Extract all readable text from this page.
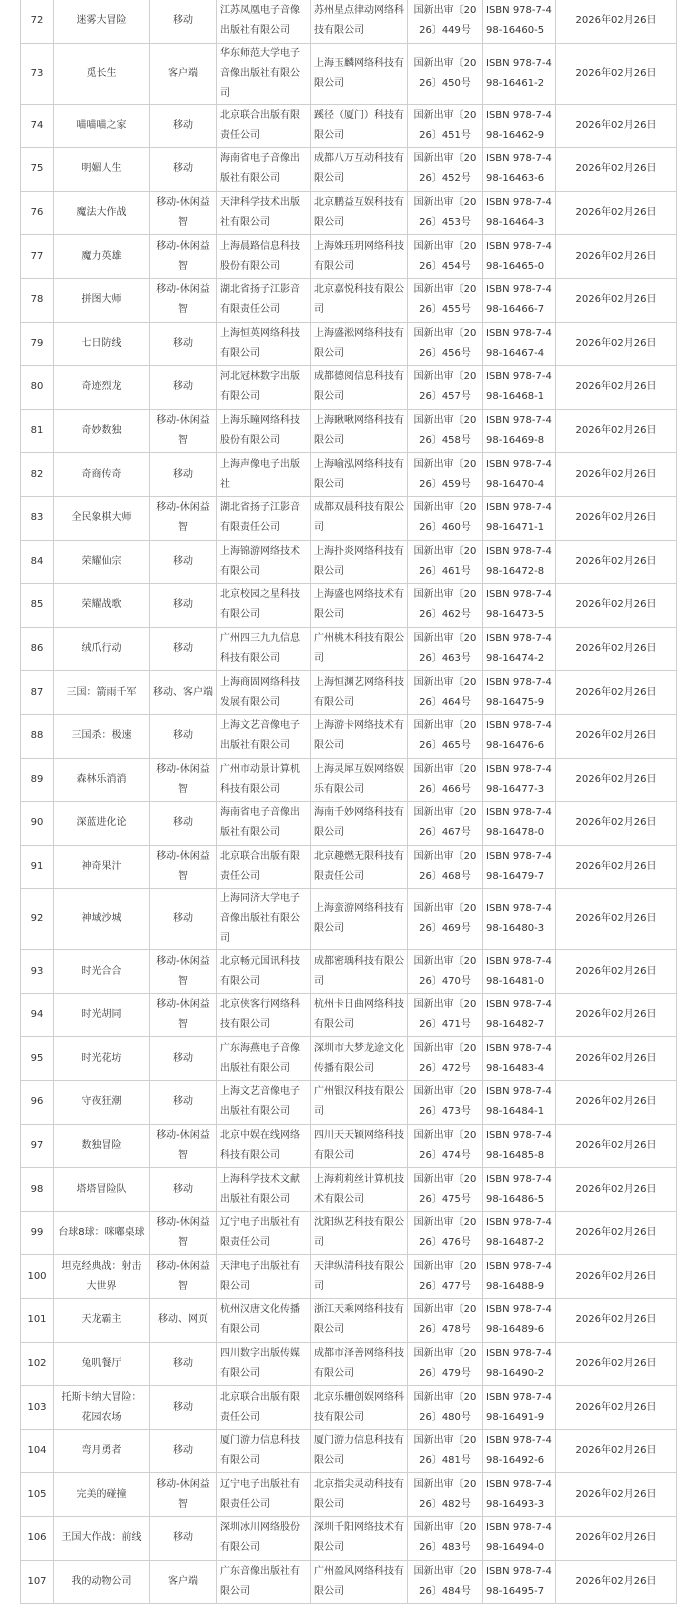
72	迷雾大冒险	移动	江苏凤凰电子音像出版社有限公司	苏州星点律动网络科技有限公司	国新出审〔2026〕449号	ISBN 978-7-498-16460-5	2026年02月26日
73	觅长生	客户端	华东师范大学电子音像出版社有限公司	上海玉麟网络科技有限公司	国新出审〔2026〕450号	ISBN 978-7-498-16461-2	2026年02月26日
74	喵喵喵之家	移动	北京联合出版有限责任公司	蹊径（厦门）科技有限公司	国新出审〔2026〕451号	ISBN 978-7-498-16462-9	2026年02月26日
75	明媚人生	移动	海南省电子音像出版社有限公司	成都八万互动科技有限公司	国新出审〔2026〕452号	ISBN 978-7-498-16463-6	2026年02月26日
76	魔法大作战	移动-休闲益智	天津科学技术出版社有限公司	北京鹏益互娱科技有限公司	国新出审〔2026〕453号	ISBN 978-7-498-16464-3	2026年02月26日
77	魔力英雄	移动-休闲益智	上海晨路信息科技股份有限公司	上海姝珏玥网络科技有限公司	国新出审〔2026〕454号	ISBN 978-7-498-16465-0	2026年02月26日
78	拼图大师	移动-休闲益智	湖北省扬子江影音有限责任公司	北京嘉悦科技有限公司	国新出审〔2026〕455号	ISBN 978-7-498-16466-7	2026年02月26日
79	七日防线	移动	上海恒英网络科技有限公司	上海盛淞网络科技有限公司	国新出审〔2026〕456号	ISBN 978-7-498-16467-4	2026年02月26日
80	奇迹烈龙	移动	河北冠林数字出版有限公司	成都德阅信息科技有限公司	国新出审〔2026〕457号	ISBN 978-7-498-16468-1	2026年02月26日
81	奇妙数独	移动-休闲益智	上海乐瞳网络科技股份有限公司	上海瞅啾网络科技有限公司	国新出审〔2026〕458号	ISBN 978-7-498-16469-8	2026年02月26日
82	奇商传奇	移动	上海声像电子出版社	上海喻泓网络科技有限公司	国新出审〔2026〕459号	ISBN 978-7-498-16470-4	2026年02月26日
83	全民象棋大师	移动-休闲益智	湖北省扬子江影音有限责任公司	成都双晨科技有限公司	国新出审〔2026〕460号	ISBN 978-7-498-16471-1	2026年02月26日
84	荣耀仙宗	移动	上海锦游网络技术有限公司	上海扑炎网络科技有限公司	国新出审〔2026〕461号	ISBN 978-7-498-16472-8	2026年02月26日
85	荣耀战歌	移动	北京校园之星科技有限公司	上海盛也网络技术有限公司	国新出审〔2026〕462号	ISBN 978-7-498-16473-5	2026年02月26日
86	绒爪行动	移动	广州四三九九信息科技有限公司	广州桃木科技有限公司	国新出审〔2026〕463号	ISBN 978-7-498-16474-2	2026年02月26日
87	三国：箭雨千军	移动、客户端	上海商固网络科技发展有限公司	上海恒渊艺网络科技有限公司	国新出审〔2026〕464号	ISBN 978-7-498-16475-9	2026年02月26日
88	三国杀：极速	移动	上海文艺音像电子出版社有限公司	上海游卡网络技术有限公司	国新出审〔2026〕465号	ISBN 978-7-498-16476-6	2026年02月26日
89	森林乐消消	移动-休闲益智	广州市动景计算机科技有限公司	上海灵犀互娱网络娱乐有限公司	国新出审〔2026〕466号	ISBN 978-7-498-16477-3	2026年02月26日
90	深蓝进化论	移动	海南省电子音像出版社有限公司	海南千妙网络科技有限公司	国新出审〔2026〕467号	ISBN 978-7-498-16478-0	2026年02月26日
91	神奇果汁	移动-休闲益智	北京联合出版有限责任公司	北京趣燃无限科技有限责任公司	国新出审〔2026〕468号	ISBN 978-7-498-16479-7	2026年02月26日
92	神域沙城	移动	上海同济大学电子音像出版社有限公司	上海蛮游网络科技有限公司	国新出审〔2026〕469号	ISBN 978-7-498-16480-3	2026年02月26日
93	时光合合	移动-休闲益智	北京畅元国讯科技有限公司	成都密瑀科技有限公司	国新出审〔2026〕470号	ISBN 978-7-498-16481-0	2026年02月26日
94	时光胡同	移动-休闲益智	北京侠客行网络科技有限公司	杭州卡日曲网络科技有限公司	国新出审〔2026〕471号	ISBN 978-7-498-16482-7	2026年02月26日
95	时光花坊	移动	广东海燕电子音像出版社有限公司	深圳市大梦龙途文化传播有限公司	国新出审〔2026〕472号	ISBN 978-7-498-16483-4	2026年02月26日
96	守夜狂潮	移动	上海文艺音像电子出版社有限公司	广州银汉科技有限公司	国新出审〔2026〕473号	ISBN 978-7-498-16484-1	2026年02月26日
97	数独冒险	移动-休闲益智	北京中娱在线网络科技有限公司	四川天天颖网络科技有限公司	国新出审〔2026〕474号	ISBN 978-7-498-16485-8	2026年02月26日
98	塔塔冒险队	移动	上海科学技术文献出版社有限公司	上海莉莉丝计算机技术有限公司	国新出审〔2026〕475号	ISBN 978-7-498-16486-5	2026年02月26日
99	台球8球：咪嘟桌球	移动-休闲益智	辽宁电子出版社有限责任公司	沈阳纵艺科技有限公司	国新出审〔2026〕476号	ISBN 978-7-498-16487-2	2026年02月26日
100	坦克经典战：射击大世界	移动-休闲益智	天津电子出版社有限公司	天津纵清科技有限公司	国新出审〔2026〕477号	ISBN 978-7-498-16488-9	2026年02月26日
101	天龙霸主	移动、网页	杭州汉唐文化传播有限公司	浙江天乘网络科技有限公司	国新出审〔2026〕478号	ISBN 978-7-498-16489-6	2026年02月26日
102	兔叽餐厅	移动	四川数字出版传媒有限公司	成都市泽善网络科技有限公司	国新出审〔2026〕479号	ISBN 978-7-498-16490-2	2026年02月26日
103	托斯卡纳大冒险：花园农场	移动	北京联合出版有限责任公司	北京乐栅创娱网络科技有限公司	国新出审〔2026〕480号	ISBN 978-7-498-16491-9	2026年02月26日
104	弯月勇者	移动	厦门游力信息科技有限公司	厦门游力信息科技有限公司	国新出审〔2026〕481号	ISBN 978-7-498-16492-6	2026年02月26日
105	完美的碰撞	移动-休闲益智	辽宁电子出版社有限责任公司	北京指尖灵动科技有限公司	国新出审〔2026〕482号	ISBN 978-7-498-16493-3	2026年02月26日
106	王国大作战：前线	移动	深圳冰川网络股份有限公司	深圳千阳网络技术有限公司	国新出审〔2026〕483号	ISBN 978-7-498-16494-0	2026年02月26日
107	我的动物公司	客户端	广东音像出版社有限公司	广州盈风网络科技有限公司	国新出审〔2026〕484号	ISBN 978-7-498-16495-7	2026年02月26日
